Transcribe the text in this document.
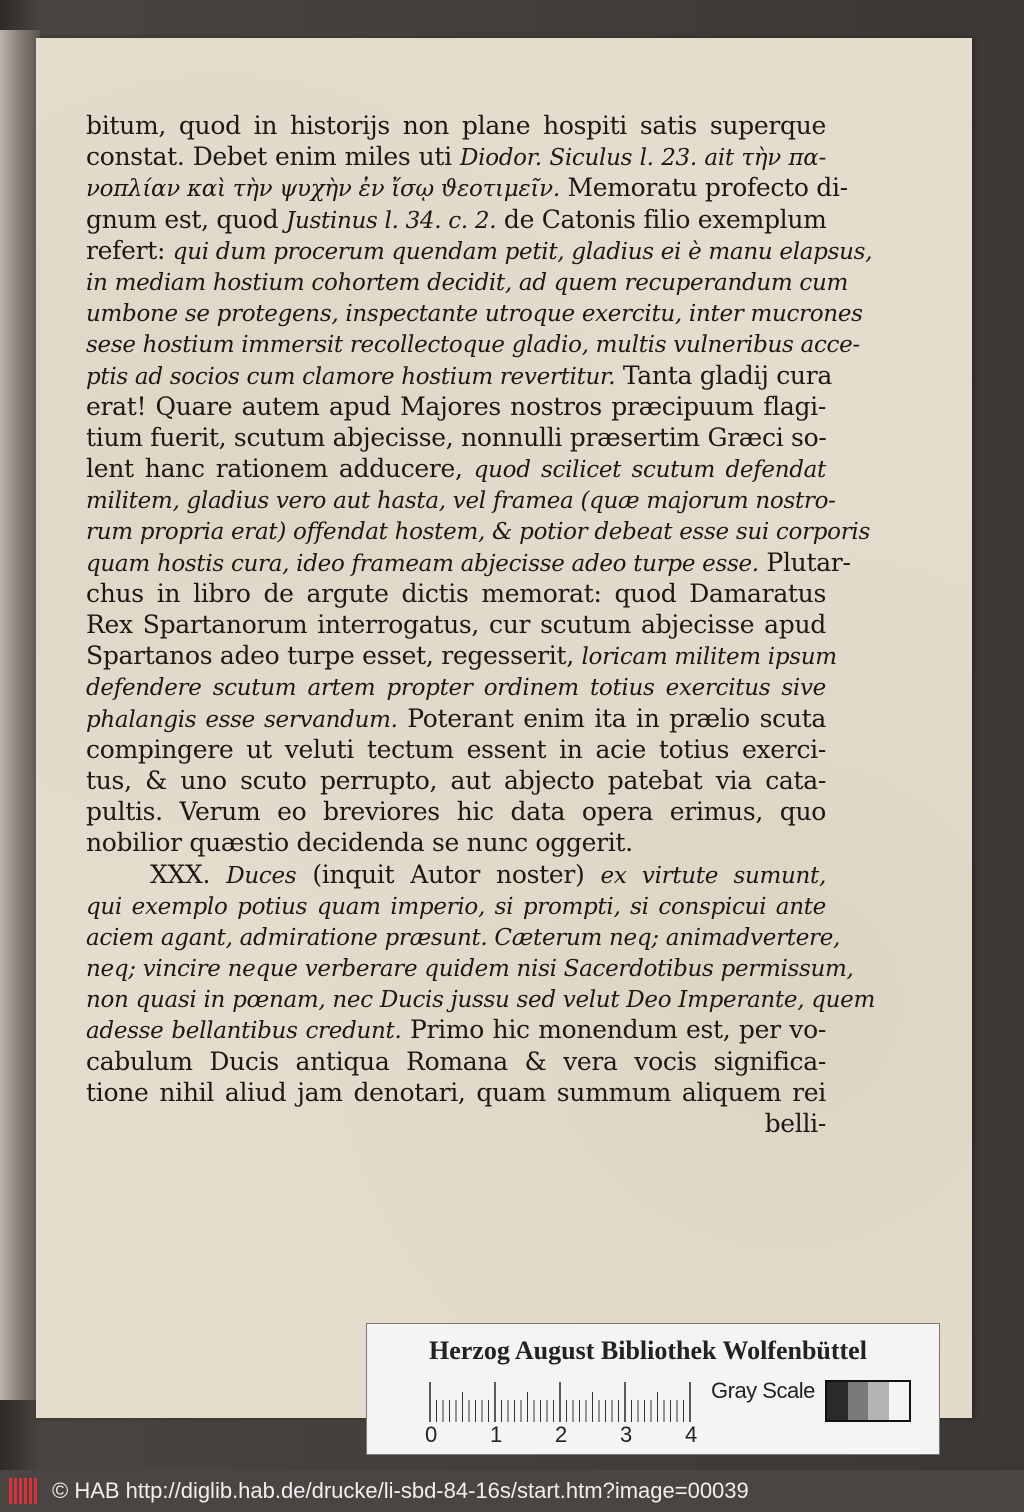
bitum, quod in historijs non plane hospiti satis superque
constat. Debet enim miles uti Diodor. Siculus l. 23. ait τὴν πα-
νοπλίαν καὶ τὴν ψυχὴν ἐν ἴσῳ ϑεοτιμεῖν. Memoratu profecto di-
gnum est, quod Justinus l. 34. c. 2. de Catonis filio exemplum
refert: qui dum procerum quendam petit, gladius ei è manu elapsus,
in mediam hostium cohortem decidit, ad quem recuperandum cum
umbone se protegens, inspectante utroque exercitu, inter mucrones
sese hostium immersit recollectoque gladio, multis vulneribus acce-
ptis ad socios cum clamore hostium revertitur. Tanta gladij cura
erat! Quare autem apud Majores nostros præcipuum flagi-
tium fuerit, scutum abjecisse, nonnulli præsertim Græci so-
lent hanc rationem adducere, quod scilicet scutum defendat
militem, gladius vero aut hasta, vel framea (quæ majorum nostro-
rum propria erat) offendat hostem, & potior debeat esse sui corporis
quam hostis cura, ideo frameam abjecisse adeo turpe esse. Plutar-
chus in libro de argute dictis memorat: quod Damaratus
Rex Spartanorum interrogatus, cur scutum abjecisse apud
Spartanos adeo turpe esset, regesserit, loricam militem ipsum
defendere scutum artem propter ordinem totius exercitus sive
phalangis esse servandum. Poterant enim ita in prælio scuta
compingere ut veluti tectum essent in acie totius exerci-
tus, & uno scuto perrupto, aut abjecto patebat via cata-
pultis. Verum eo breviores hic data opera erimus, quo
nobilior quæstio decidenda se nunc oggerit.
XXX. Duces (inquit Autor noster) ex virtute sumunt,
qui exemplo potius quam imperio, si prompti, si conspicui ante
aciem agant, admiratione præsunt. Cæterum neq; animadvertere,
neq; vincire neque verberare quidem nisi Sacerdotibus permissum,
non quasi in pœnam, nec Ducis jussu sed velut Deo Imperante, quem
adesse bellantibus credunt. Primo hic monendum est, per vo-
cabulum Ducis antiqua Romana & vera vocis significa-
tione nihil aliud jam denotari, quam summum aliquem rei
belli-
Herzog August Bibliothek Wolfenbüttel
0 1 2 3 4
Gray Scale
© HAB http://diglib.hab.de/drucke/li-sbd-84-16s/start.htm?image=00039
